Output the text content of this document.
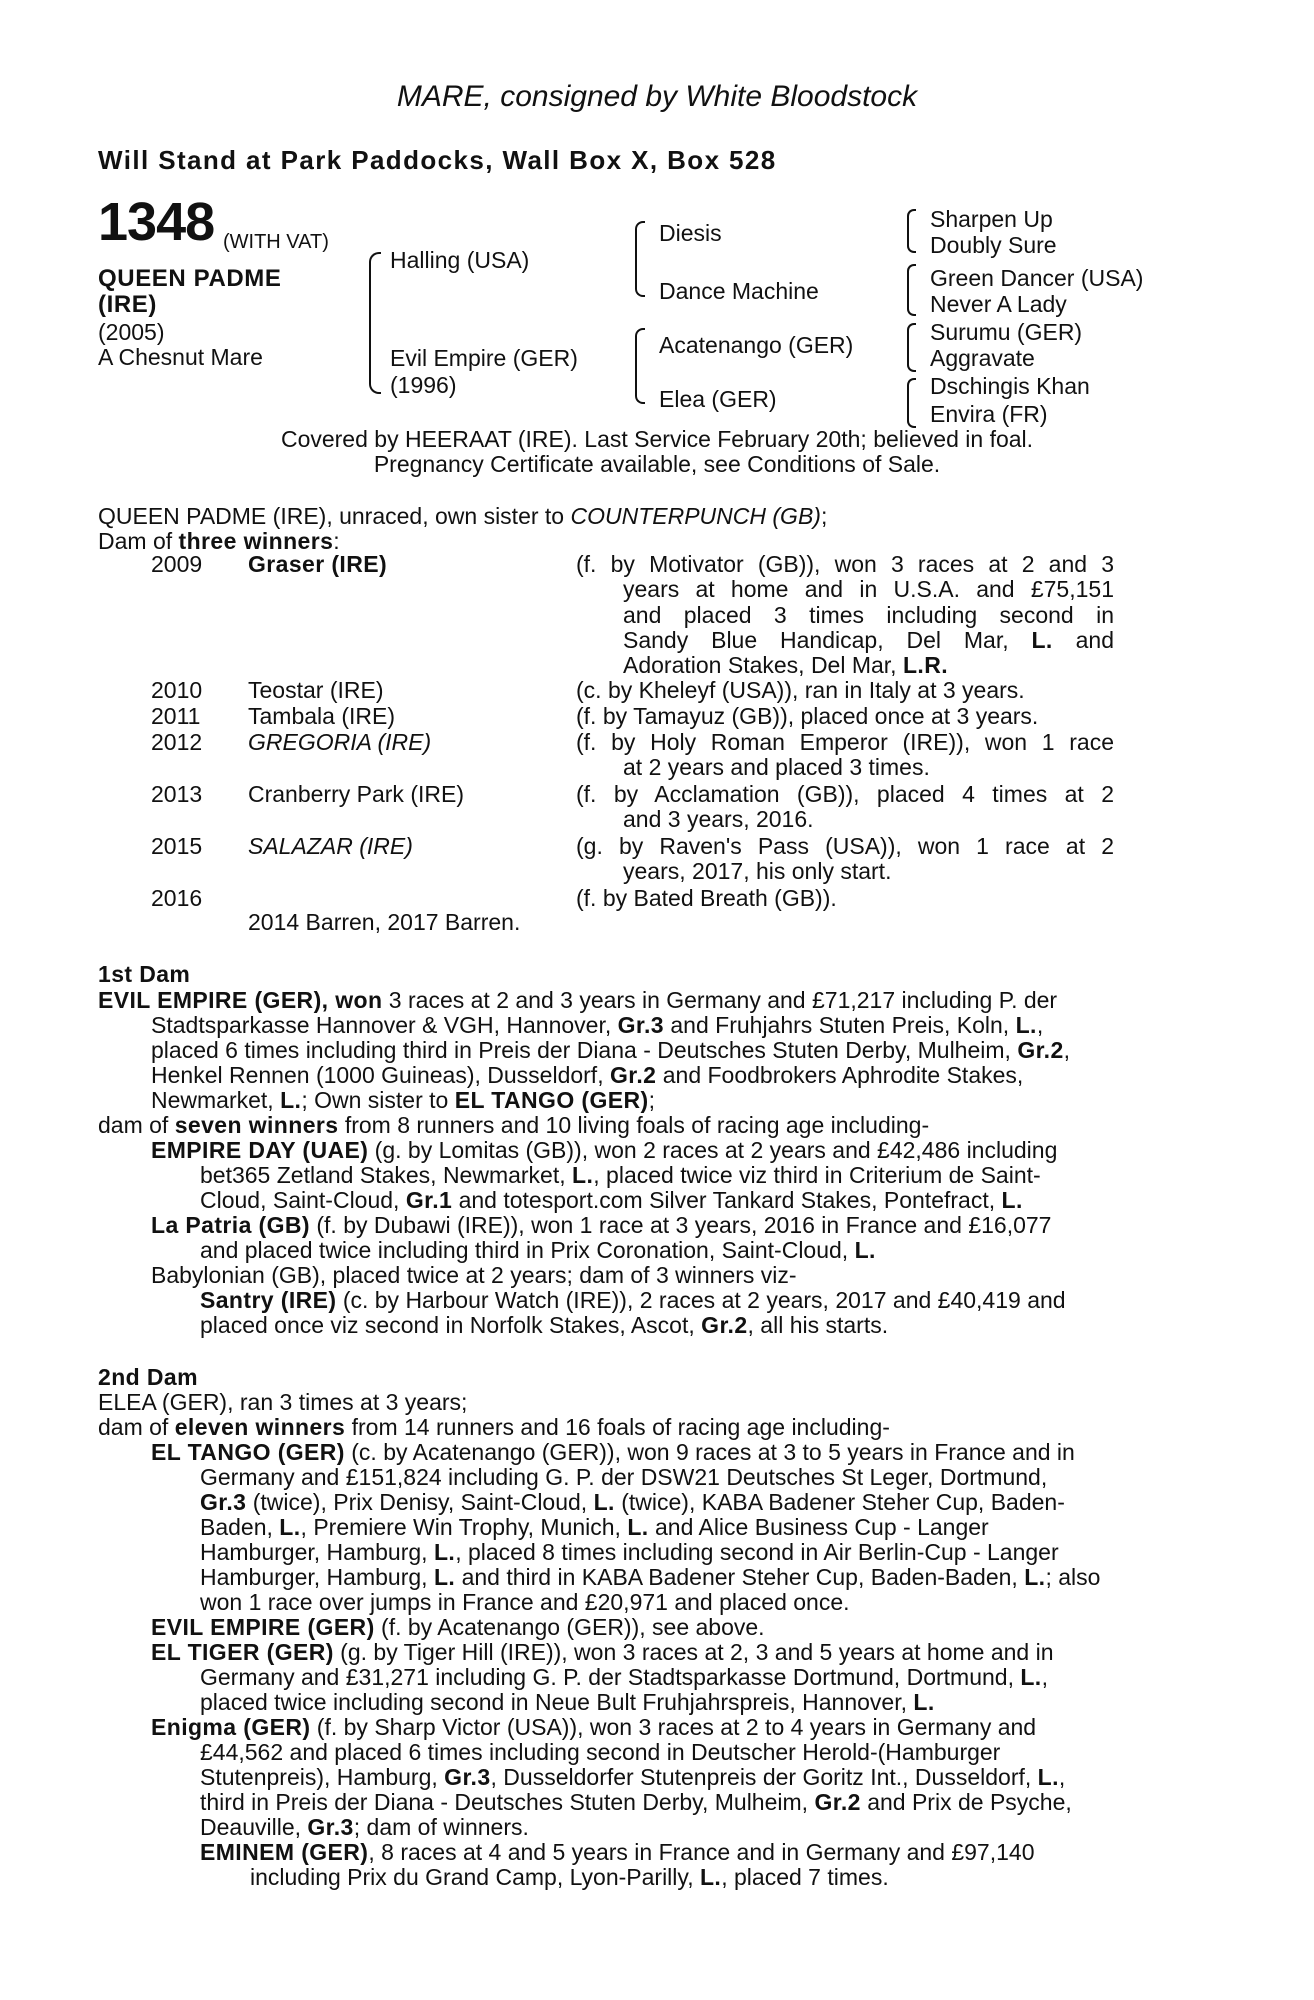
MARE, consigned by White Bloodstock
Will Stand at Park Paddocks, Wall Box X, Box 528
1348 (WITH VAT)
QUEEN PADME
(IRE)
(2005)
A Chesnut Mare
Halling (USA)
Evil Empire (GER)
(1996)
Diesis
Dance Machine
Acatenango (GER)
Elea (GER)
Sharpen Up
Doubly Sure
Green Dancer (USA)
Never A Lady
Surumu (GER)
Aggravate
Dschingis Khan
Envira (FR)
Covered by HEERAAT (IRE). Last Service February 20th; believed in foal.
Pregnancy Certificate available, see Conditions of Sale.
QUEEN PADME (IRE), unraced, own sister to COUNTERPUNCH (GB);
Dam of three winners:
2009 Graser (IRE)	(f. by Motivator (GB)), won 3 races at 2 and 3
years at home and in U.S.A. and £75,151
and placed 3 times including second in
Sandy Blue Handicap, Del Mar, L. and
Adoration Stakes, Del Mar, L.R.
2010 Teostar (IRE)	(c. by Kheleyf (USA)), ran in Italy at 3 years.
2011 Tambala (IRE)	(f. by Tamayuz (GB)), placed once at 3 years.
2012 GREGORIA (IRE)	(f. by Holy Roman Emperor (IRE)), won 1 race
at 2 years and placed 3 times.
2013 Cranberry Park (IRE)	(f. by Acclamation (GB)), placed 4 times at 2
and 3 years, 2016.
2015 SALAZAR (IRE)	(g. by Raven's Pass (USA)), won 1 race at 2
years, 2017, his only start.
2016	(f. by Bated Breath (GB)).
2014 Barren, 2017 Barren.
1st Dam
EVIL EMPIRE (GER), won 3 races at 2 and 3 years in Germany and £71,217 including P. der
Stadtsparkasse Hannover & VGH, Hannover, Gr.3 and Fruhjahrs Stuten Preis, Koln, L.,
placed 6 times including third in Preis der Diana - Deutsches Stuten Derby, Mulheim, Gr.2,
Henkel Rennen (1000 Guineas), Dusseldorf, Gr.2 and Foodbrokers Aphrodite Stakes,
Newmarket, L.; Own sister to EL TANGO (GER);
dam of seven winners from 8 runners and 10 living foals of racing age including-
EMPIRE DAY (UAE) (g. by Lomitas (GB)), won 2 races at 2 years and £42,486 including
bet365 Zetland Stakes, Newmarket, L., placed twice viz third in Criterium de Saint-
Cloud, Saint-Cloud, Gr.1 and totesport.com Silver Tankard Stakes, Pontefract, L.
La Patria (GB) (f. by Dubawi (IRE)), won 1 race at 3 years, 2016 in France and £16,077
and placed twice including third in Prix Coronation, Saint-Cloud, L.
Babylonian (GB), placed twice at 2 years; dam of 3 winners viz-
Santry (IRE) (c. by Harbour Watch (IRE)), 2 races at 2 years, 2017 and £40,419 and
placed once viz second in Norfolk Stakes, Ascot, Gr.2, all his starts.
2nd Dam
ELEA (GER), ran 3 times at 3 years;
dam of eleven winners from 14 runners and 16 foals of racing age including-
EL TANGO (GER) (c. by Acatenango (GER)), won 9 races at 3 to 5 years in France and in
Germany and £151,824 including G. P. der DSW21 Deutsches St Leger, Dortmund,
Gr.3 (twice), Prix Denisy, Saint-Cloud, L. (twice), KABA Badener Steher Cup, Baden-
Baden, L., Premiere Win Trophy, Munich, L. and Alice Business Cup - Langer
Hamburger, Hamburg, L., placed 8 times including second in Air Berlin-Cup - Langer
Hamburger, Hamburg, L. and third in KABA Badener Steher Cup, Baden-Baden, L.; also
won 1 race over jumps in France and £20,971 and placed once.
EVIL EMPIRE (GER) (f. by Acatenango (GER)), see above.
EL TIGER (GER) (g. by Tiger Hill (IRE)), won 3 races at 2, 3 and 5 years at home and in
Germany and £31,271 including G. P. der Stadtsparkasse Dortmund, Dortmund, L.,
placed twice including second in Neue Bult Fruhjahrspreis, Hannover, L.
Enigma (GER) (f. by Sharp Victor (USA)), won 3 races at 2 to 4 years in Germany and
£44,562 and placed 6 times including second in Deutscher Herold-(Hamburger
Stutenpreis), Hamburg, Gr.3, Dusseldorfer Stutenpreis der Goritz Int., Dusseldorf, L.,
third in Preis der Diana - Deutsches Stuten Derby, Mulheim, Gr.2 and Prix de Psyche,
Deauville, Gr.3; dam of winners.
EMINEM (GER), 8 races at 4 and 5 years in France and in Germany and £97,140
including Prix du Grand Camp, Lyon-Parilly, L., placed 7 times.
